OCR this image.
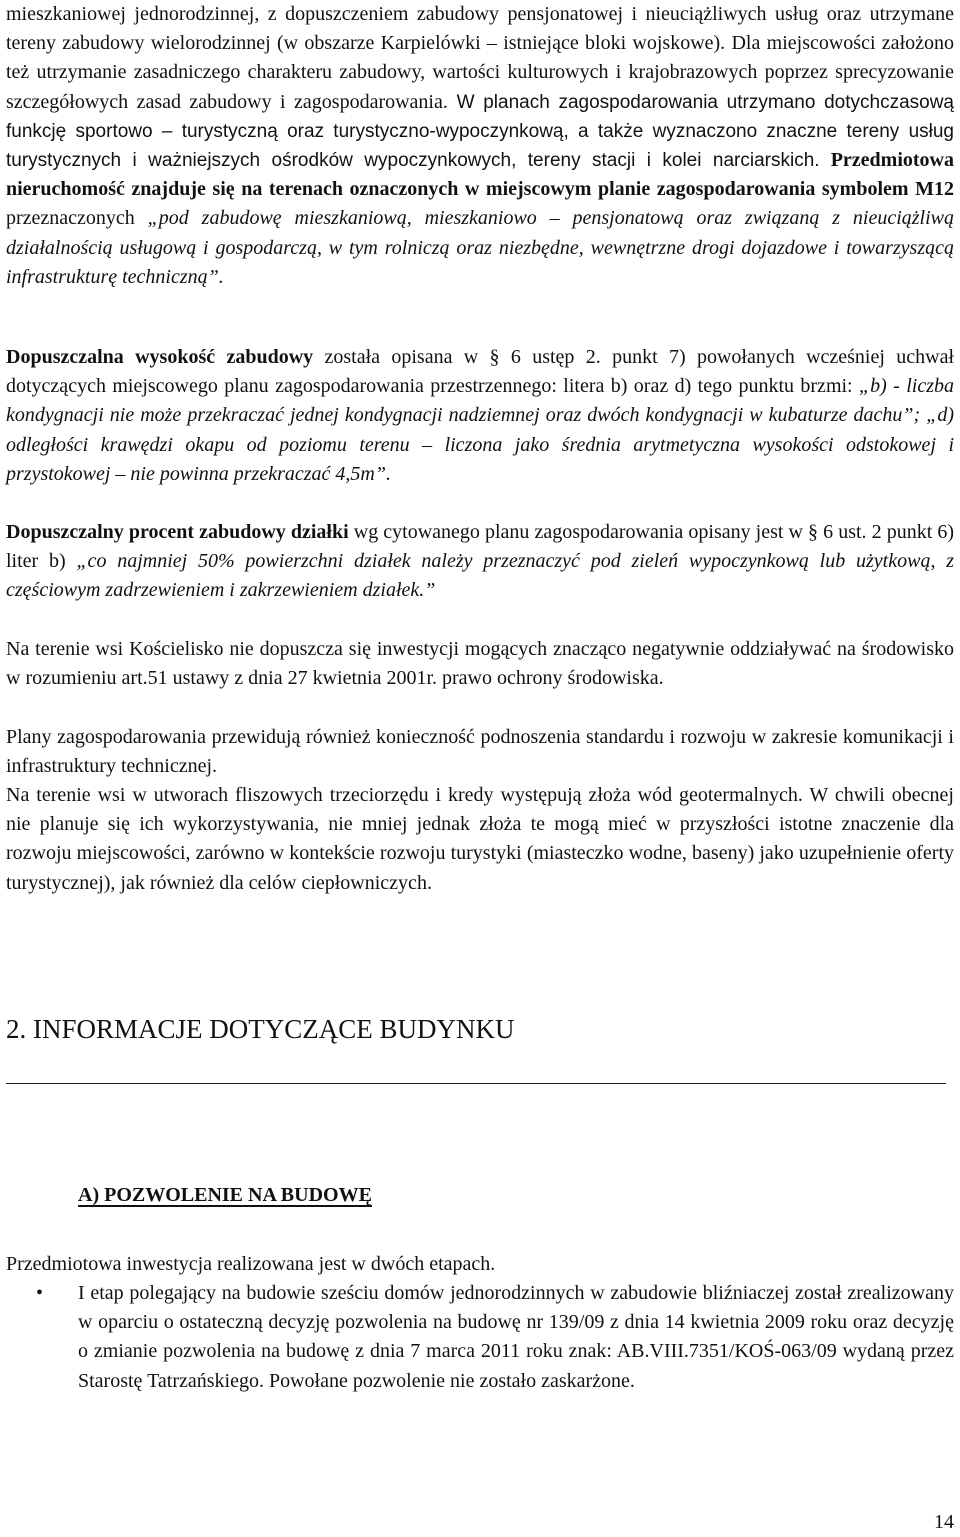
mieszkaniowej jednorodzinnej, z dopuszczeniem zabudowy pensjonatowej i nieuciążliwych usług oraz utrzymane tereny zabudowy wielorodzinnej (w obszarze Karpielówki – istniejące bloki wojskowe). Dla miejscowości założono też utrzymanie zasadniczego charakteru zabudowy, wartości kulturowych i krajobrazowych poprzez sprecyzowanie szczegółowych zasad zabudowy i zagospodarowania. W planach zagospodarowania utrzymano dotychczasową funkcję sportowo – turystyczną oraz turystyczno-wypoczynkową, a także wyznaczono znaczne tereny usług turystycznych i ważniejszych ośrodków wypoczynkowych, tereny stacji i kolei narciarskich. Przedmiotowa nieruchomość znajduje się na terenach oznaczonych w miejscowym planie zagospodarowania symbolem M12 przeznaczonych „pod zabudowę mieszkaniową, mieszkaniowo – pensjonatową oraz związaną z nieuciążliwą działalnością usługową i gospodarczą, w tym rolniczą oraz niezbędne, wewnętrzne drogi dojazdowe i towarzyszącą infrastrukturę techniczną”.

Dopuszczalna wysokość zabudowy została opisana w § 6 ustęp 2. punkt 7) powołanych wcześniej uchwał dotyczących miejscowego planu zagospodarowania przestrzennego: litera b) oraz d) tego punktu brzmi: „b) - liczba kondygnacji nie może przekraczać jednej kondygnacji nadziemnej oraz dwóch kondygnacji w kubaturze dachu”; „d) odległości krawędzi okapu od poziomu terenu – liczona jako średnia arytmetyczna wysokości odstokowej i przystokowej – nie powinna przekraczać 4,5m”.

Dopuszczalny procent zabudowy działki wg cytowanego planu zagospodarowania opisany jest w § 6 ust. 2 punkt 6) liter b) „co najmniej 50% powierzchni działek należy przeznaczyć pod zieleń wypoczynkową lub użytkową, z częściowym zadrzewieniem i zakrzewieniem działek.”

Na terenie wsi Kościelisko nie dopuszcza się inwestycji mogących znacząco negatywnie oddziaływać na środowisko w rozumieniu art.51 ustawy z dnia 27 kwietnia 2001r. prawo ochrony środowiska.

Plany zagospodarowania przewidują również konieczność podnoszenia standardu i rozwoju w zakresie komunikacji i infrastruktury technicznej.

Na terenie wsi w utworach fliszowych trzeciorzędu i kredy występują złoża wód geotermalnych. W chwili obecnej nie planuje się ich wykorzystywania, nie mniej jednak złoża te mogą mieć w przyszłości istotne znaczenie dla rozwoju miejscowości, zarówno w kontekście rozwoju turystyki (miasteczko wodne, baseny) jako uzupełnienie oferty turystycznej), jak również dla celów ciepłowniczych.

2. INFORMACJE DOTYCZĄCE BUDYNKU
A) POZWOLENIE NA BUDOWĘ

Przedmiotowa inwestycja realizowana jest w dwóch etapach.

•	I etap polegający na budowie sześciu domów jednorodzinnych w zabudowie bliźniaczej został zrealizowany w oparciu o ostateczną decyzję pozwolenia na budowę nr 139/09 z dnia 14 kwietnia 2009 roku oraz decyzję o zmianie pozwolenia na budowę z dnia 7 marca 2011 roku znak: AB.VIII.7351/KOŚ-063/09 wydaną przez Starostę Tatrzańskiego. Powołane pozwolenie nie zostało zaskarżone.
14
